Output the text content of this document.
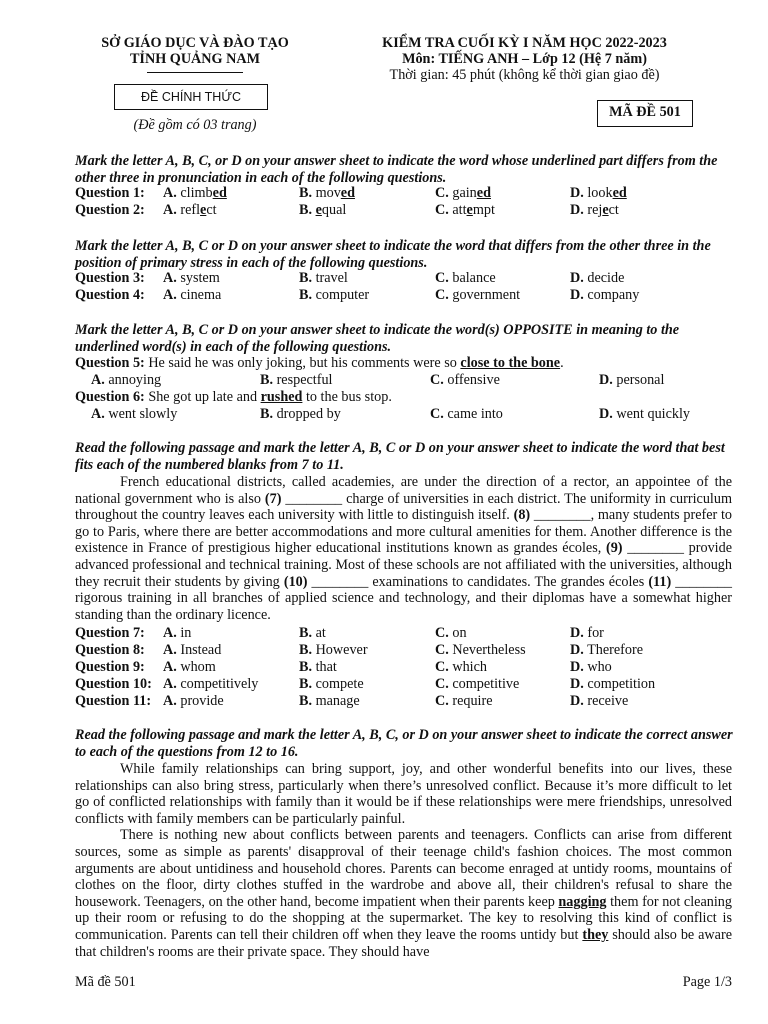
SỞ GIÁO DỤC VÀ ĐÀO TẠO
TỈNH QUẢNG NAM
ĐỀ CHÍNH THỨC
(Đề gồm có 03 trang)
KIỂM TRA CUỐI KỲ I NĂM HỌC 2022-2023
Môn: TIẾNG ANH – Lớp 12 (Hệ 7 năm)
Thời gian: 45 phút (không kể thời gian giao đề)
MÃ ĐỀ 501
Mark the letter A, B, C, or D on your answer sheet to indicate the word whose underlined part differs from the other three in pronunciation in each of the following questions.
Question 1: A. climbed	B. moved	C. gained	D. looked
Question 2: A. reflect	B. equal	C. attempt	D. reject
Mark the letter A, B, C or D on your answer sheet to indicate the word that differs from the other three in the position of primary stress in each of the following questions.
Question 3: A. system	B. travel	C. balance	D. decide
Question 4: A. cinema	B. computer	C. government	D. company
Mark the letter A, B, C or D on your answer sheet to indicate the word(s) OPPOSITE in meaning to the underlined word(s) in each of the following questions.
Question 5: He said he was only joking, but his comments were so close to the bone.
A. annoying	B. respectful	C. offensive	D. personal
Question 6: She got up late and rushed to the bus stop.
A. went slowly	B. dropped by	C. came into	D. went quickly
Read the following passage and mark the letter A, B, C or D on your answer sheet to indicate the word that best fits each of the numbered blanks from 7 to 11.

French educational districts, called academies, are under the direction of a rector, an appointee of the national government who is also (7) ________ charge of universities in each district. The uniformity in curriculum throughout the country leaves each university with little to distinguish itself. (8) ________, many students prefer to go to Paris, where there are better accommodations and more cultural amenities for them. Another difference is the existence in France of prestigious higher educational institutions known as grandes écoles, (9) ________ provide advanced professional and technical training. Most of these schools are not affiliated with the universities, although they recruit their students by giving (10) ________ examinations to candidates. The grandes écoles (11) ________ rigorous training in all branches of applied science and technology, and their diplomas have a somewhat higher standing than the ordinary licence.

Question 7: A. in	B. at	C. on	D. for
Question 8: A. Instead	B. However	C. Nevertheless	D. Therefore
Question 9: A. whom	B. that	C. which	D. who
Question 10: A. competitively	B. compete	C. competitive	D. competition
Question 11: A. provide	B. manage	C. require	D. receive
Read the following passage and mark the letter A, B, C, or D on your answer sheet to indicate the correct answer to each of the questions from 12 to 16.

While family relationships can bring support, joy, and other wonderful benefits into our lives, these relationships can also bring stress, particularly when there’s unresolved conflict. Because it’s more difficult to let go of conflicted relationships with family than it would be if these relationships were mere friendships, unresolved conflicts with family members can be particularly painful.

There is nothing new about conflicts between parents and teenagers. Conflicts can arise from different sources, some as simple as parents' disapproval of their teenage child's fashion choices. The most common arguments are about untidiness and household chores. Parents can become enraged at untidy rooms, mountains of clothes on the floor, dirty clothes stuffed in the wardrobe and above all, their children's refusal to share the housework. Teenagers, on the other hand, become impatient when their parents keep nagging them for not cleaning up their room or refusing to do the shopping at the supermarket. The key to resolving this kind of conflict is communication. Parents can tell their children off when they leave the rooms untidy but they should also be aware that children's rooms are their private space. They should have

Mã đề 501	Page 1/3
